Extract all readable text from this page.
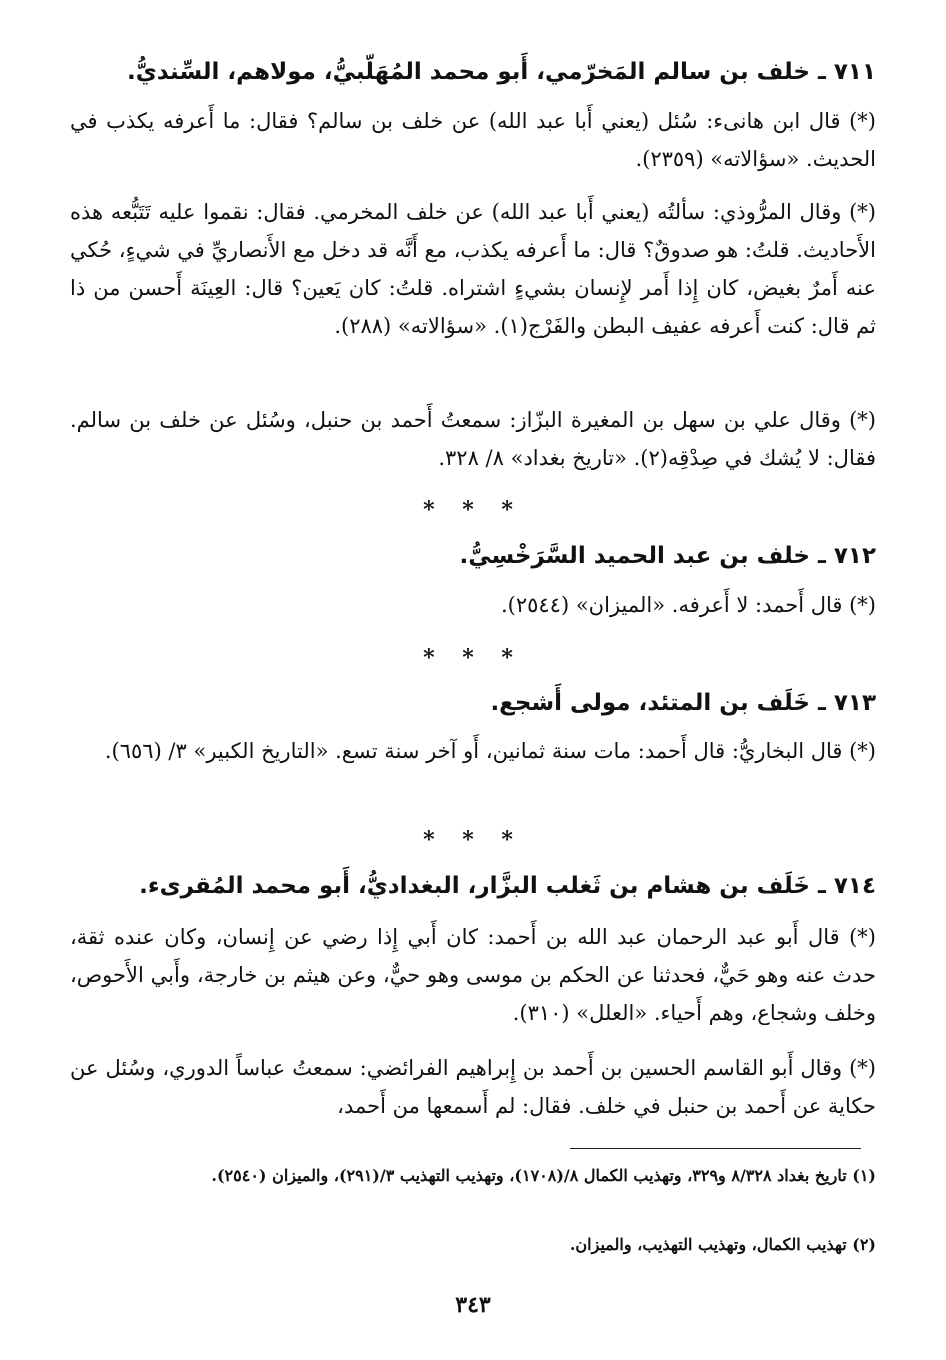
٧١١ ـ خلف بن سالم المَخرّمي، أَبو محمد المُهَلّبيُّ، مولاهم، السِّنديُّ.

(*) قال ابن هانىء: سُئل (يعني أَبا عبد الله) عن خلف بن سالم؟ فقال: ما أَعرفه يكذب في الحديث. «سؤالاته» (٢٣٥٩).

(*) وقال المرُّوذي: سألتُه (يعني أَبا عبد الله) عن خلف المخرمي. فقال: نقموا عليه تَتَبُّعه هذه الأَحاديث. قلتُ: هو صدوقٌ؟ قال: ما أَعرفه يكذب، مع أَنَّه قد دخل مع الأَنصاريِّ في شيءٍ، حُكي عنه أَمرٌ بغيض، كان إِذا أَمر لإِنسان بشيءٍ اشتراه. قلتُ: كان يَعين؟ قال: العِينَة أَحسن من ذا ثم قال: كنت أَعرفه عفيف البطن والفَرْج(١). «سؤالاته» (٢٨٨).

(*) وقال علي بن سهل بن المغيرة البزّاز: سمعتُ أَحمد بن حنبل، وسُئل عن خلف بن سالم. فقال: لا يُشك في صِدْقِه(٢). «تاريخ بغداد» ٨/ ٣٢٨.

* * *
٧١٢ ـ خلف بن عبد الحميد السَّرَخْسِيُّ.

(*) قال أَحمد: لا أَعرفه. «الميزان» (٢٥٤٤).

* * *
٧١٣ ـ خَلَف بن المتئد، مولى أَشجع.

(*) قال البخاريُّ: قال أَحمد: مات سنة ثمانين، أَو آخر سنة تسع. «التاريخ الكبير» ٣/ (٦٥٦).

* * *
٧١٤ ـ خَلَف بن هشام بن ثَغلب البزَّار، البغداديُّ، أَبو محمد المُقرىء.

(*) قال أَبو عبد الرحمان عبد الله بن أَحمد: كان أَبي إِذا رضي عن إِنسان، وكان عنده ثقة، حدث عنه وهو حَيٌّ، فحدثنا عن الحكم بن موسى وهو حيٌّ، وعن هيثم بن خارجة، وأَبي الأَحوص، وخلف وشجاع، وهم أَحياء. «العلل» (٣١٠).

(*) وقال أَبو القاسم الحسين بن أَحمد بن إِبراهيم الفرائضي: سمعتُ عباساً الدوري، وسُئل عن حكاية عن أَحمد بن حنبل في خلف. فقال: لم أَسمعها من أَحمد،

(١) تاريخ بغداد ٨/٣٢٨ و٣٢٩، وتهذيب الكمال ٨/(١٧٠٨)، وتهذيب التهذيب ٣/(٢٩١)، والميزان (٢٥٤٠).

(٢) تهذيب الكمال، وتهذيب التهذيب، والميزان.

٣٤٣
